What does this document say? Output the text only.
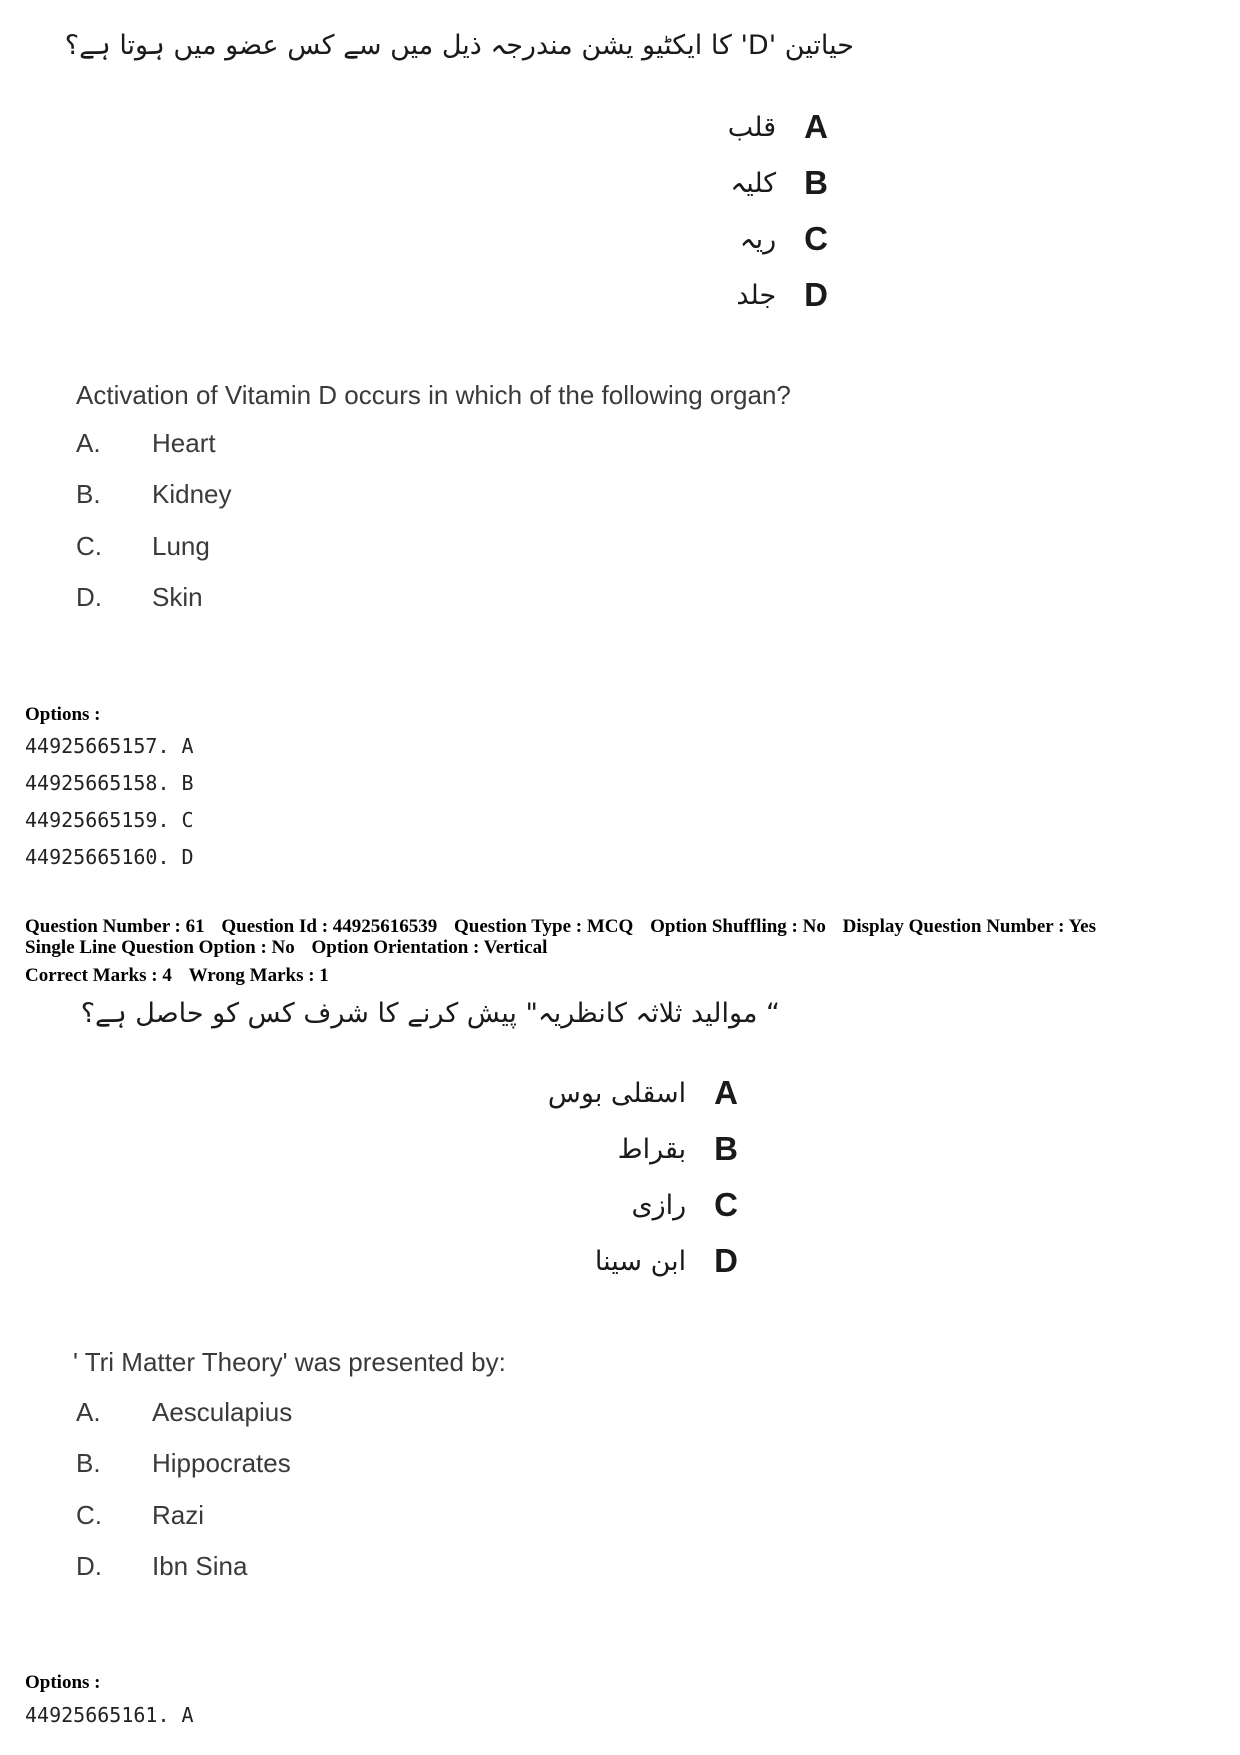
حیاتین 'D' کا ایکٹیو یشن مندرجہ ذیل میں سے کس عضو میں ہوتا ہے؟
قلب A
کلیہ B
ریہ C
جلد D
Activation of Vitamin D occurs in which of the following organ?
A. Heart
B. Kidney
C. Lung
D. Skin
Options :
44925665157. A
44925665158. B
44925665159. C
44925665160. D
Question Number : 61 Question Id : 44925616539 Question Type : MCQ Option Shuffling : No Display Question Number : Yes
Single Line Question Option : No Option Orientation : Vertical
Correct Marks : 4 Wrong Marks : 1
“ موالید ثلاثہ کانظریہ" پیش کرنے کا شرف کس کو حاصل ہے؟
اسقلی بوس A
بقراط B
رازی C
ابن سینا D
' Tri Matter Theory' was presented by:
A. Aesculapius
B. Hippocrates
C. Razi
D. Ibn Sina
Options :
44925665161. A
